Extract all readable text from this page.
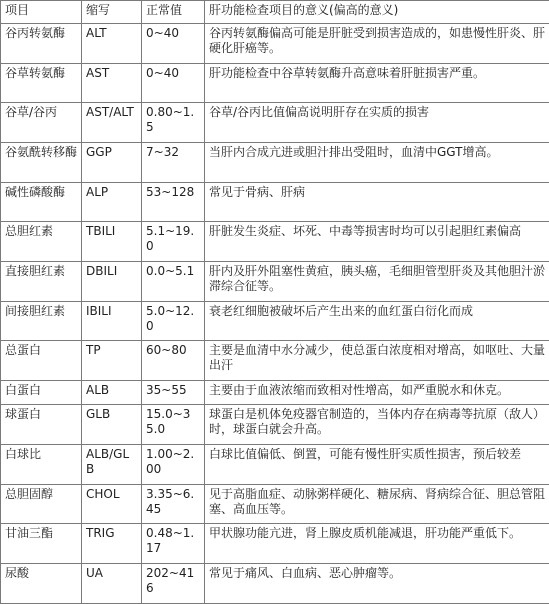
项目	缩写	正常值	肝功能检查项目的意义(偏高的意义)
谷丙转氨酶	ALT	0~40	谷丙转氨酶偏高可能是肝脏受到损害造成的，如患慢性肝炎、肝硬化肝癌等。
谷草转氨酶	AST	0~40	肝功能检查中谷草转氨酶升高意味着肝脏损害严重。
谷草/谷丙	AST/ALT	0.80~1.5	谷草/谷丙比值偏高说明肝存在实质的损害
谷氨酰转移酶	GGP	7~32	当肝内合成亢进或胆汁排出受阻时，血清中GGT增高。
碱性磷酸酶	ALP	53~128	常见于骨病、肝病
总胆红素	TBILI	5.1~19.0	肝脏发生炎症、坏死、中毒等损害时均可以引起胆红素偏高
直接胆红素	DBILI	0.0~5.1	肝内及肝外阻塞性黄疸，胰头癌，毛细胆管型肝炎及其他胆汁淤滞综合征等。
间接胆红素	IBILI	5.0~12.0	衰老红细胞被破坏后产生出来的血红蛋白衍化而成
总蛋白	TP	60~80	主要是血清中水分减少，使总蛋白浓度相对增高，如呕吐、大量出汗
白蛋白	ALB	35~55	主要由于血液浓缩而致相对性增高，如严重脱水和休克。
球蛋白	GLB	15.0~35.0	球蛋白是机体免疫器官制造的，当体内存在病毒等抗原（敌人）时，球蛋白就会升高。
白球比	ALB/GLB	1.00~2.00	白球比值偏低、倒置，可能有慢性肝实质性损害，预后较差
总胆固醇	CHOL	3.35~6.45	见于高脂血症、动脉粥样硬化、糖尿病、肾病综合征、胆总管阻塞、高血压等。
甘油三酯	TRIG	0.48~1.17	甲状腺功能亢进，肾上腺皮质机能减退，肝功能严重低下。
尿酸	UA	202~416	常见于痛风、白血病、恶心肿瘤等。
